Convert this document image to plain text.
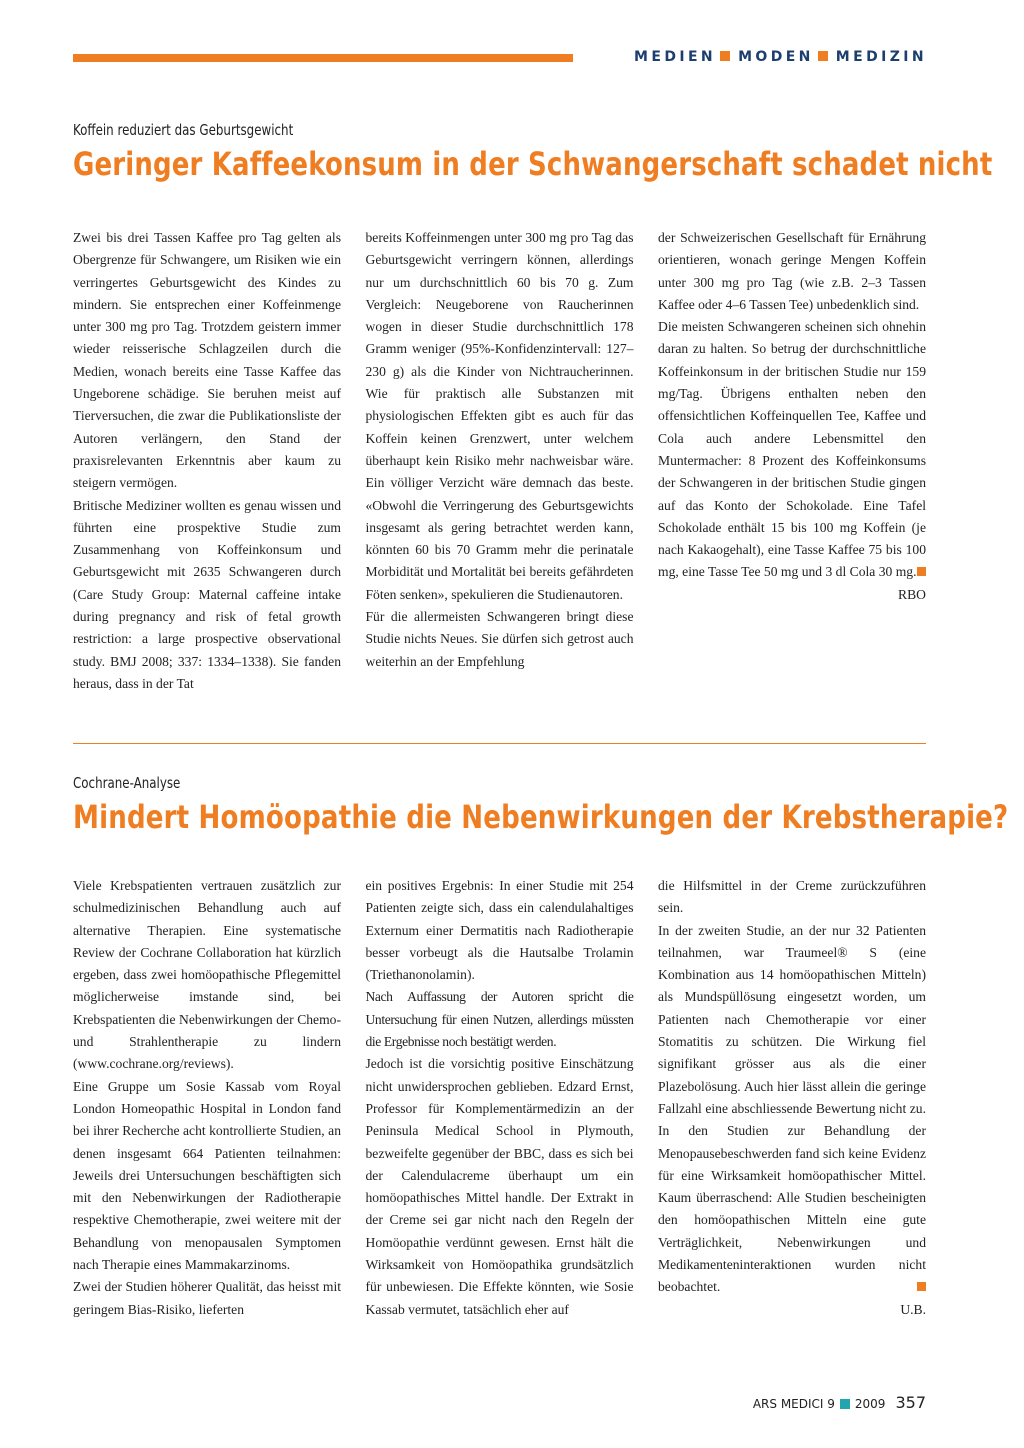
MEDIEN MODEN MEDIZIN
Koffein reduziert das Geburtsgewicht
Geringer Kaffeekonsum in der Schwangerschaft schadet nicht

Zwei bis drei Tassen Kaffee pro Tag gelten als Obergrenze für Schwangere, um Risiken wie ein verringertes Geburtsgewicht des Kindes zu mindern. Sie entsprechen einer Koffeinmenge unter 300 mg pro Tag. Trotzdem geistern immer wieder reisserische Schlagzeilen durch die Medien, wonach bereits eine Tasse Kaffee das Ungeborene schädige. Sie beruhen meist auf Tierversuchen, die zwar die Publikationsliste der Autoren verlängern, den Stand der praxisrelevanten Erkenntnis aber kaum zu steigern vermögen.

Britische Mediziner wollten es genau wissen und führten eine prospektive Studie zum Zusammenhang von Koffeinkonsum und Geburtsgewicht mit 2635 Schwangeren durch (Care Study Group: Maternal caffeine intake during pregnancy and risk of fetal growth restriction: a large prospective observational study. BMJ 2008; 337: 1334–1338). Sie fanden heraus, dass in der Tat

bereits Koffeinmengen unter 300 mg pro Tag das Geburtsgewicht verringern können, allerdings nur um durchschnittlich 60 bis 70 g. Zum Vergleich: Neugeborene von Raucherinnen wogen in dieser Studie durchschnittlich 178 Gramm weniger (95%-Konfidenzintervall: 127–230 g) als die Kinder von Nichtraucherinnen. Wie für praktisch alle Substanzen mit physiologischen Effekten gibt es auch für das Koffein keinen Grenzwert, unter welchem überhaupt kein Risiko mehr nachweisbar wäre. Ein völliger Verzicht wäre demnach das beste. «Obwohl die Verringerung des Geburtsgewichts insgesamt als gering betrachtet werden kann, könnten 60 bis 70 Gramm mehr die perinatale Morbidität und Mortalität bei bereits gefährdeten Föten senken», spekulieren die Studienautoren.

Für die allermeisten Schwangeren bringt diese Studie nichts Neues. Sie dürfen sich getrost auch weiterhin an der Empfehlung

der Schweizerischen Gesellschaft für Ernährung orientieren, wonach geringe Mengen Koffein unter 300 mg pro Tag (wie z.B. 2–3 Tassen Kaffee oder 4–6 Tassen Tee) unbedenklich sind.

Die meisten Schwangeren scheinen sich ohnehin daran zu halten. So betrug der durchschnittliche Koffeinkonsum in der britischen Studie nur 159 mg/Tag. Übrigens enthalten neben den offensichtlichen Koffeinquellen Tee, Kaffee und Cola auch andere Lebensmittel den Muntermacher: 8 Prozent des Koffeinkonsums der Schwangeren in der britischen Studie gingen auf das Konto der Schokolade. Eine Tafel Schokolade enthält 15 bis 100 mg Koffein (je nach Kakaogehalt), eine Tasse Kaffee 75 bis 100 mg, eine Tasse Tee 50 mg und 3 dl Cola 30 mg.

RBO
Cochrane-Analyse
Mindert Homöopathie die Nebenwirkungen der Krebstherapie?

Viele Krebspatienten vertrauen zusätzlich zur schulmedizinischen Behandlung auch auf alternative Therapien. Eine systematische Review der Cochrane Collaboration hat kürzlich ergeben, dass zwei homöopathische Pflegemittel möglicherweise imstande sind, bei Krebspatienten die Nebenwirkungen der Chemo- und Strahlentherapie zu lindern (www.cochrane.org/reviews).

Eine Gruppe um Sosie Kassab vom Royal London Homeopathic Hospital in London fand bei ihrer Recherche acht kontrollierte Studien, an denen insgesamt 664 Patienten teilnahmen: Jeweils drei Untersuchungen beschäftigten sich mit den Nebenwirkungen der Radiotherapie respektive Chemotherapie, zwei weitere mit der Behandlung von menopausalen Symptomen nach Therapie eines Mammakarzinoms.

Zwei der Studien höherer Qualität, das heisst mit geringem Bias-Risiko, lieferten

ein positives Ergebnis: In einer Studie mit 254 Patienten zeigte sich, dass ein calendulahaltiges Externum einer Dermatitis nach Radiotherapie besser vorbeugt als die Hautsalbe Trolamin (Triethanonolamin).

Nach Auffassung der Autoren spricht die Untersuchung für einen Nutzen, allerdings müssten die Ergebnisse noch bestätigt werden.

Jedoch ist die vorsichtig positive Einschätzung nicht unwidersprochen geblieben. Edzard Ernst, Professor für Komplementärmedizin an der Peninsula Medical School in Plymouth, bezweifelte gegenüber der BBC, dass es sich bei der Calendulacreme überhaupt um ein homöopathisches Mittel handle. Der Extrakt in der Creme sei gar nicht nach den Regeln der Homöopathie verdünnt gewesen. Ernst hält die Wirksamkeit von Homöopathika grundsätzlich für unbewiesen. Die Effekte könnten, wie Sosie Kassab vermutet, tatsächlich eher auf

die Hilfsmittel in der Creme zurückzuführen sein.

In der zweiten Studie, an der nur 32 Patienten teilnahmen, war Traumeel® S (eine Kombination aus 14 homöopathischen Mitteln) als Mundspüllösung eingesetzt worden, um Patienten nach Chemotherapie vor einer Stomatitis zu schützen. Die Wirkung fiel signifikant grösser aus als die einer Plazebolösung. Auch hier lässt allein die geringe Fallzahl eine abschliessende Bewertung nicht zu. In den Studien zur Behandlung der Menopausebeschwerden fand sich keine Evidenz für eine Wirksamkeit homöopathischer Mittel. Kaum überraschend: Alle Studien bescheinigten den homöopathischen Mitteln eine gute Verträglichkeit, Nebenwirkungen und Medikamenteninteraktionen wurden nicht beobachtet.

U.B.
ARS MEDICI 9 2009 357
